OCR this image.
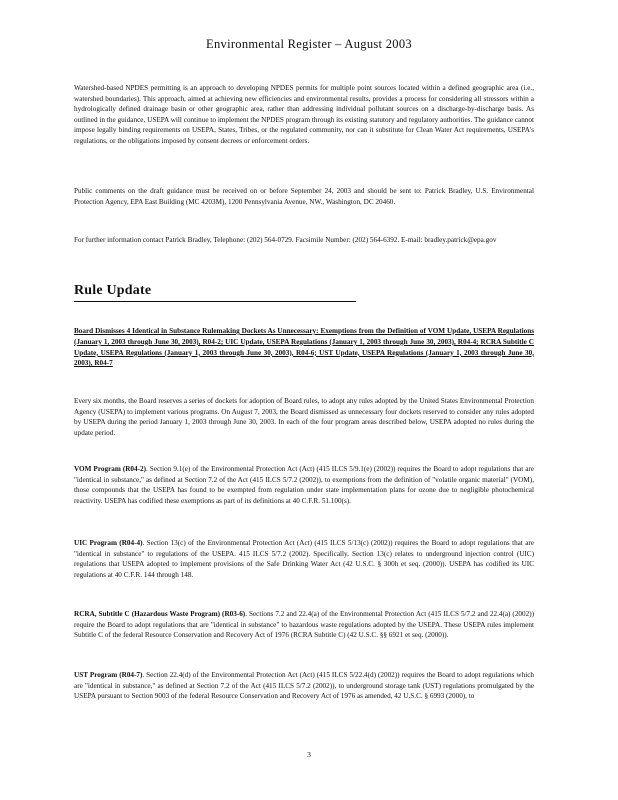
Environmental Register – August 2003

Watershed-based NPDES permitting is an approach to developing NPDES permits for multiple point sources located within a defined geographic area (i.e., watershed boundaries). This approach, aimed at achieving new efficiencies and environmental results, provides a process for considering all stressors within a hydrologically defined drainage basin or other geographic area, rather than addressing individual pollutant sources on a discharge-by-discharge basis. As outlined in the guidance, USEPA will continue to implement the NPDES program through its existing statutory and regulatory authorities. The guidance cannot impose legally binding requirements on USEPA, States, Tribes, or the regulated community, nor can it substitute for Clean Water Act requirements, USEPA's regulations, or the obligations imposed by consent decrees or enforcement orders.

Public comments on the draft guidance must be received on or before September 24, 2003 and should be sent to: Patrick Bradley, U.S. Environmental Protection Agency, EPA East Building (MC 4203M), 1200 Pennsylvania Avenue, NW., Washington, DC 20460.

For further information contact Patrick Bradley, Telephone: (202) 564-0729. Facsimile Number: (202) 564-6392. E-mail: bradley.patrick@epa.gov

Rule Update
Board Dismisses 4 Identical in Substance Rulemaking Dockets As Unnecessary: Exemptions from the Definition of VOM Update, USEPA Regulations (January 1, 2003 through June 30, 2003), R04-2; UIC Update, USEPA Regulations (January 1, 2003 through June 30, 2003), R04-4; RCRA Subtitle C Update, USEPA Regulations (January 1, 2003 through June 30, 2003), R04-6; UST Update, USEPA Regulations (January 1, 2003 through June 30, 2003), R04-7

Every six months, the Board reserves a series of dockets for adoption of Board rules, to adopt any rules adopted by the United States Environmental Protection Agency (USEPA) to implement various programs. On August 7, 2003, the Board dismissed as unnecessary four dockets reserved to consider any rules adopted by USEPA during the period January 1, 2003 through June 30, 2003. In each of the four program areas described below, USEPA adopted no rules during the update period.

VOM Program (R04-2). Section 9.1(e) of the Environmental Protection Act (Act) (415 ILCS 5/9.1(e) (2002)) requires the Board to adopt regulations that are "identical in substance," as defined at Section 7.2 of the Act (415 ILCS 5/7.2 (2002)), to exemptions from the definition of "volatile organic material" (VOM), those compounds that the USEPA has found to be exempted from regulation under state implementation plans for ozone due to negligible photochemical reactivity. USEPA has codified these exemptions as part of its definitions at 40 C.F.R. 51.100(s).

UIC Program (R04-4). Section 13(c) of the Environmental Protection Act (Act) (415 ILCS 5/13(c) (2002)) requires the Board to adopt regulations that are "identical in substance" to regulations of the USEPA. 415 ILCS 5/7.2 (2002). Specifically, Section 13(c) relates to underground injection control (UIC) regulations that USEPA adopted to implement provisions of the Safe Drinking Water Act (42 U.S.C. § 300h et seq. (2000)). USEPA has codified its UIC regulations at 40 C.F.R. 144 through 148.

RCRA, Subtitle C (Hazardous Waste Program) (R03-6). Sections 7.2 and 22.4(a) of the Environmental Protection Act (415 ILCS 5/7.2 and 22.4(a) (2002)) require the Board to adopt regulations that are "identical in substance" to hazardous waste regulations adopted by the USEPA. These USEPA rules implement Subtitle C of the federal Resource Conservation and Recovery Act of 1976 (RCRA Subtitle C) (42 U.S.C. §§ 6921 et seq. (2000)).

UST Program (R04-7). Section 22.4(d) of the Environmental Protection Act (Act) (415 ILCS 5/22.4(d) (2002)) requires the Board to adopt regulations which are "identical in substance," as defined at Section 7.2 of the Act (415 ILCS 5/7.2 (2002)), to underground storage tank (UST) regulations promulgated by the USEPA pursuant to Section 9003 of the federal Resource Conservation and Recovery Act of 1976 as amended, 42 U.S.C. § 6993 (2000), to

3
